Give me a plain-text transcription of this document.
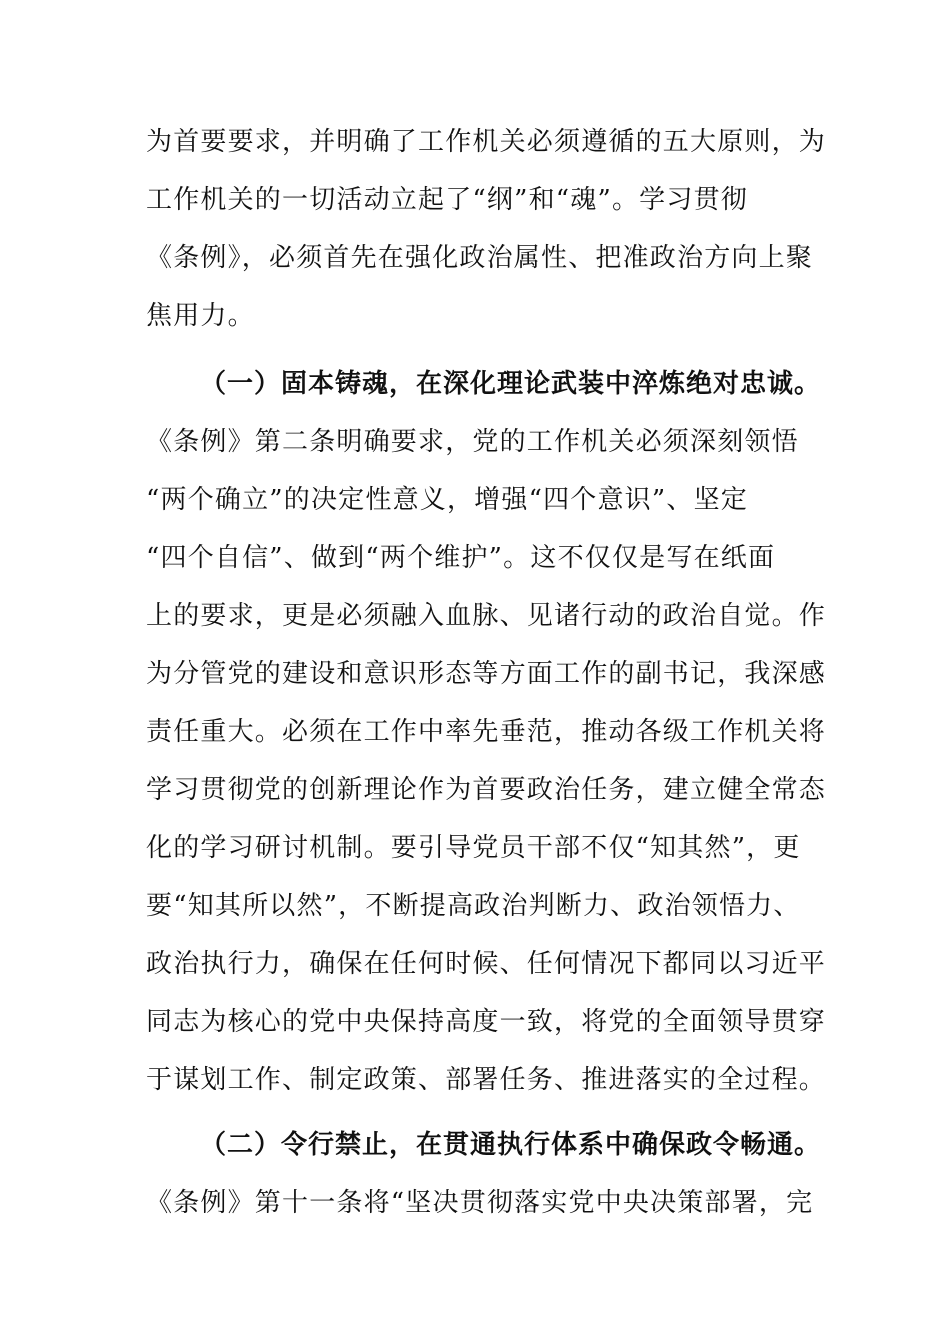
为首要要求，并明确了工作机关必须遵循的五大原则，为
工作机关的一切活动立起了“纲”和“魂”。学习贯彻
《条例》，必须首先在强化政治属性、把准政治方向上聚
焦用力。
（一）固本铸魂，在深化理论武装中淬炼绝对忠诚。
《条例》第二条明确要求，党的工作机关必须深刻领悟
“两个确立”的决定性意义，增强“四个意识”、坚定
“四个自信”、做到“两个维护”。这不仅仅是写在纸面
上的要求，更是必须融入血脉、见诸行动的政治自觉。作
为分管党的建设和意识形态等方面工作的副书记，我深感
责任重大。必须在工作中率先垂范，推动各级工作机关将
学习贯彻党的创新理论作为首要政治任务，建立健全常态
化的学习研讨机制。要引导党员干部不仅“知其然”，更
要“知其所以然”，不断提高政治判断力、政治领悟力、
政治执行力，确保在任何时候、任何情况下都同以习近平
同志为核心的党中央保持高度一致，将党的全面领导贯穿
于谋划工作、制定政策、部署任务、推进落实的全过程。
（二）令行禁止，在贯通执行体系中确保政令畅通。
《条例》第十一条将“坚决贯彻落实党中央决策部署，完
